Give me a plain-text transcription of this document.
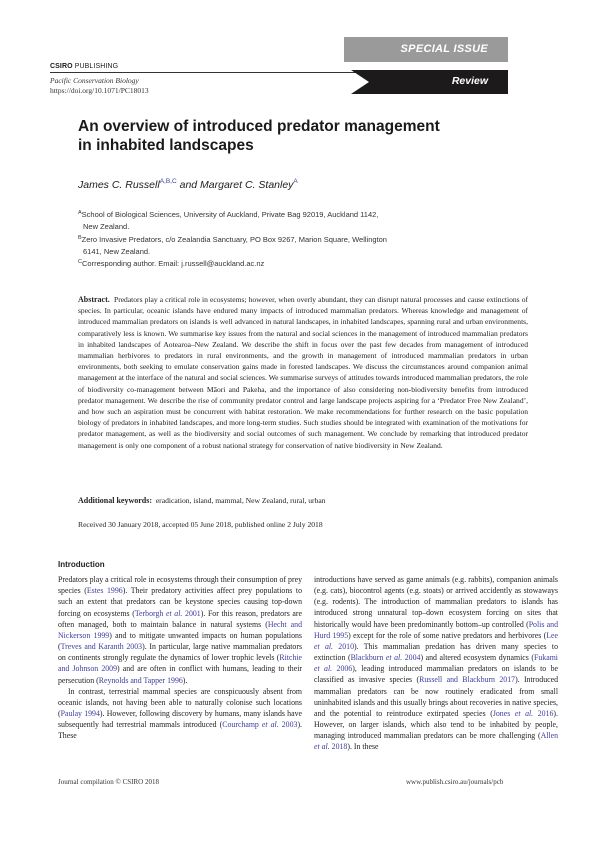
CSIRO PUBLISHING
Pacific Conservation Biology
https://doi.org/10.1071/PC18013
SPECIAL ISSUE
Review
An overview of introduced predator management
in inhabited landscapes
James C. Russell$^{A,B,C}$ and Margaret C. Stanley$^A$
$^A$School of Biological Sciences, University of Auckland, Private Bag 92019, Auckland 1142,
New Zealand.
$^B$Zero Invasive Predators, c/o Zealandia Sanctuary, PO Box 9267, Marion Square, Wellington
6141, New Zealand.
$^C$Corresponding author. Email: j.russell@auckland.ac.nz
Abstract. Predators play a critical role in ecosystems; however, when overly abundant, they can disrupt natural processes and cause extinctions of species. In particular, oceanic islands have endured many impacts of introduced mammalian predators. Whereas knowledge and management of introduced mammalian predators on islands is well advanced in natural landscapes, in inhabited landscapes, spanning rural and urban environments, comparatively less is known. We summarise key issues from the natural and social sciences in the management of introduced mammalian predators in inhabited landscapes of Aotearoa–New Zealand. We describe the shift in focus over the past few decades from management of introduced mammalian herbivores to predators in rural environments, and the growth in management of introduced mammalian predators in urban environments, both seeking to emulate conservation gains made in forested landscapes. We discuss the circumstances around companion animal management at the interface of the natural and social sciences. We summarise surveys of attitudes towards introduced mammalian predators, the role of biodiversity co-management between Māori and Pakeha, and the importance of also considering non-biodiversity benefits from introduced predator management. We describe the rise of community predator control and large landscape projects aspiring for a ‘Predator Free New Zealand’, and how such an aspiration must be concurrent with habitat restoration. We make recommendations for further research on the basic population biology of predators in inhabited landscapes, and more long-term studies. Such studies should be integrated with examination of the motivations for predator management, as well as the biodiversity and social outcomes of such management. We conclude by remarking that introduced predator management is only one component of a robust national strategy for conservation of native biodiversity in New Zealand.
Additional keywords: eradication, island, mammal, New Zealand, rural, urban
Received 30 January 2018, accepted 05 June 2018, published online 2 July 2018
Introduction

Predators play a critical role in ecosystems through their consumption of prey species (Estes 1996). Their predatory activities affect prey populations to such an extent that predators can be keystone species causing top-down forcing on ecosystems (Terborgh et al. 2001). For this reason, predators are often managed, both to maintain balance in natural systems (Hecht and Nickerson 1999) and to mitigate unwanted impacts on human populations (Treves and Karanth 2003). In particular, large native mammalian predators on continents strongly regulate the dynamics of lower trophic levels (Ritchie and Johnson 2009) and are often in conflict with humans, leading to their persecution (Reynolds and Tapper 1996).

In contrast, terrestrial mammal species are conspicuously absent from oceanic islands, not having been able to naturally colonise such locations (Paulay 1994). However, following discovery by humans, many islands have subsequently had terrestrial mammals introduced (Courchamp et al. 2003). These

introductions have served as game animals (e.g. rabbits), companion animals (e.g. cats), biocontrol agents (e.g. stoats) or arrived accidently as stowaways (e.g. rodents). The introduction of mammalian predators to islands has introduced strong unnatural top–down ecosystem forcing on sites that historically would have been predominantly bottom–up controlled (Polis and Hurd 1995) except for the role of some native predators and herbivores (Lee et al. 2010). This mammalian predation has driven many species to extinction (Blackburn et al. 2004) and altered ecosystem dynamics (Fukami et al. 2006), leading introduced mammalian predators on islands to be classified as invasive species (Russell and Blackburn 2017). Introduced mammalian predators can be now routinely eradicated from small uninhabited islands and this usually brings about recoveries in native species, and the potential to reintroduce extirpated species (Jones et al. 2016). However, on larger islands, which also tend to be inhabited by people, managing introduced mammalian predators can be more challenging (Allen et al. 2018). In these

Journal compilation © CSIRO 2018	www.publish.csiro.au/journals/pcb
